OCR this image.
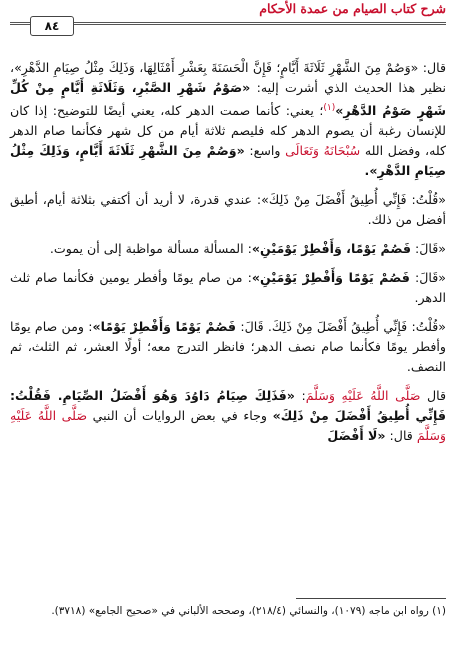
شرح كتاب الصيام من عمدة الأحكام
٨٤

قال: «وَصُمْ مِنَ الشَّهْرِ ثَلَاثَةَ أَيَّامٍ؛ فَإِنَّ الْحَسَنَةَ بِعَشْرِ أَمْثَالِهَا، وَذَلِكَ مِثْلُ صِيَامِ الدَّهْرِ»، نظير هذا الحديث الذي أشرت إليه: «صَوْمُ شَهْرِ الصَّبْرِ، وَثَلَاثَةِ أَيَّامٍ مِنْ كُلِّ شَهْرٍ صَوْمُ الدَّهْرِ»$^{(١)}$؛ يعني: كأنما صمت الدهر كله، يعني أيضًا للتوضيح: إذا كان للإنسان رغبة أن يصوم الدهر كله فليصم ثلاثة أيام من كل شهر فكأنما صام الدهر كله، وفضل الله سُبْحَانَهُ وَتَعَالَى واسع: «وَصُمْ مِنَ الشَّهْرِ ثَلَاثَةَ أَيَّامٍ، وَذَلِكَ مِثْلُ صِيَامِ الدَّهْرِ».

«قُلْتُ: فَإِنِّي أُطِيقُ أَفْضَلَ مِنْ ذَلِكَ»: عندي قدرة، لا أريد أن أكتفي بثلاثة أيام، أطيق أفضل من ذلك.

«قَالَ: فَصُمْ يَوْمًا، وَأَفْطِرْ يَوْمَيْنِ»: المسألة مسألة مواظبة إلى أن يموت.

«قَالَ: فَصُمْ يَوْمًا وَأَفْطِرْ يَوْمَيْنِ»: من صام يومًا وأفطر يومين فكأنما صام ثلث الدهر.

«قُلْتُ: فَإِنِّي أُطِيقُ أَفْضَلَ مِنْ ذَلِكَ. قَالَ: فَصُمْ يَوْمًا وَأَفْطِرْ يَوْمًا»: ومن صام يومًا وأفطر يومًا فكأنما صام نصف الدهر؛ فانظر التدرج معه؛ أولًا العشر، ثم الثلث، ثم النصف.

قال صَلَّى اللَّهُ عَلَيْهِ وَسَلَّمَ: «فَذَلِكَ صِيَامُ دَاوُدَ وَهُوَ أَفْضَلُ الصِّيَامِ. فَقُلْتُ: فَإِنِّي أُطِيقُ أَفْضَلَ مِنْ ذَلِكَ» وجاء في بعض الروايات أن النبي صَلَّى اللَّهُ عَلَيْهِ وَسَلَّمَ قال: «لَا أَفْضَلَ

(١) رواه ابن ماجه (١٠٧٩)، والنسائي (٢١٨/٤)، وصححه الألباني في «صحيح الجامع» (٣٧١٨).
